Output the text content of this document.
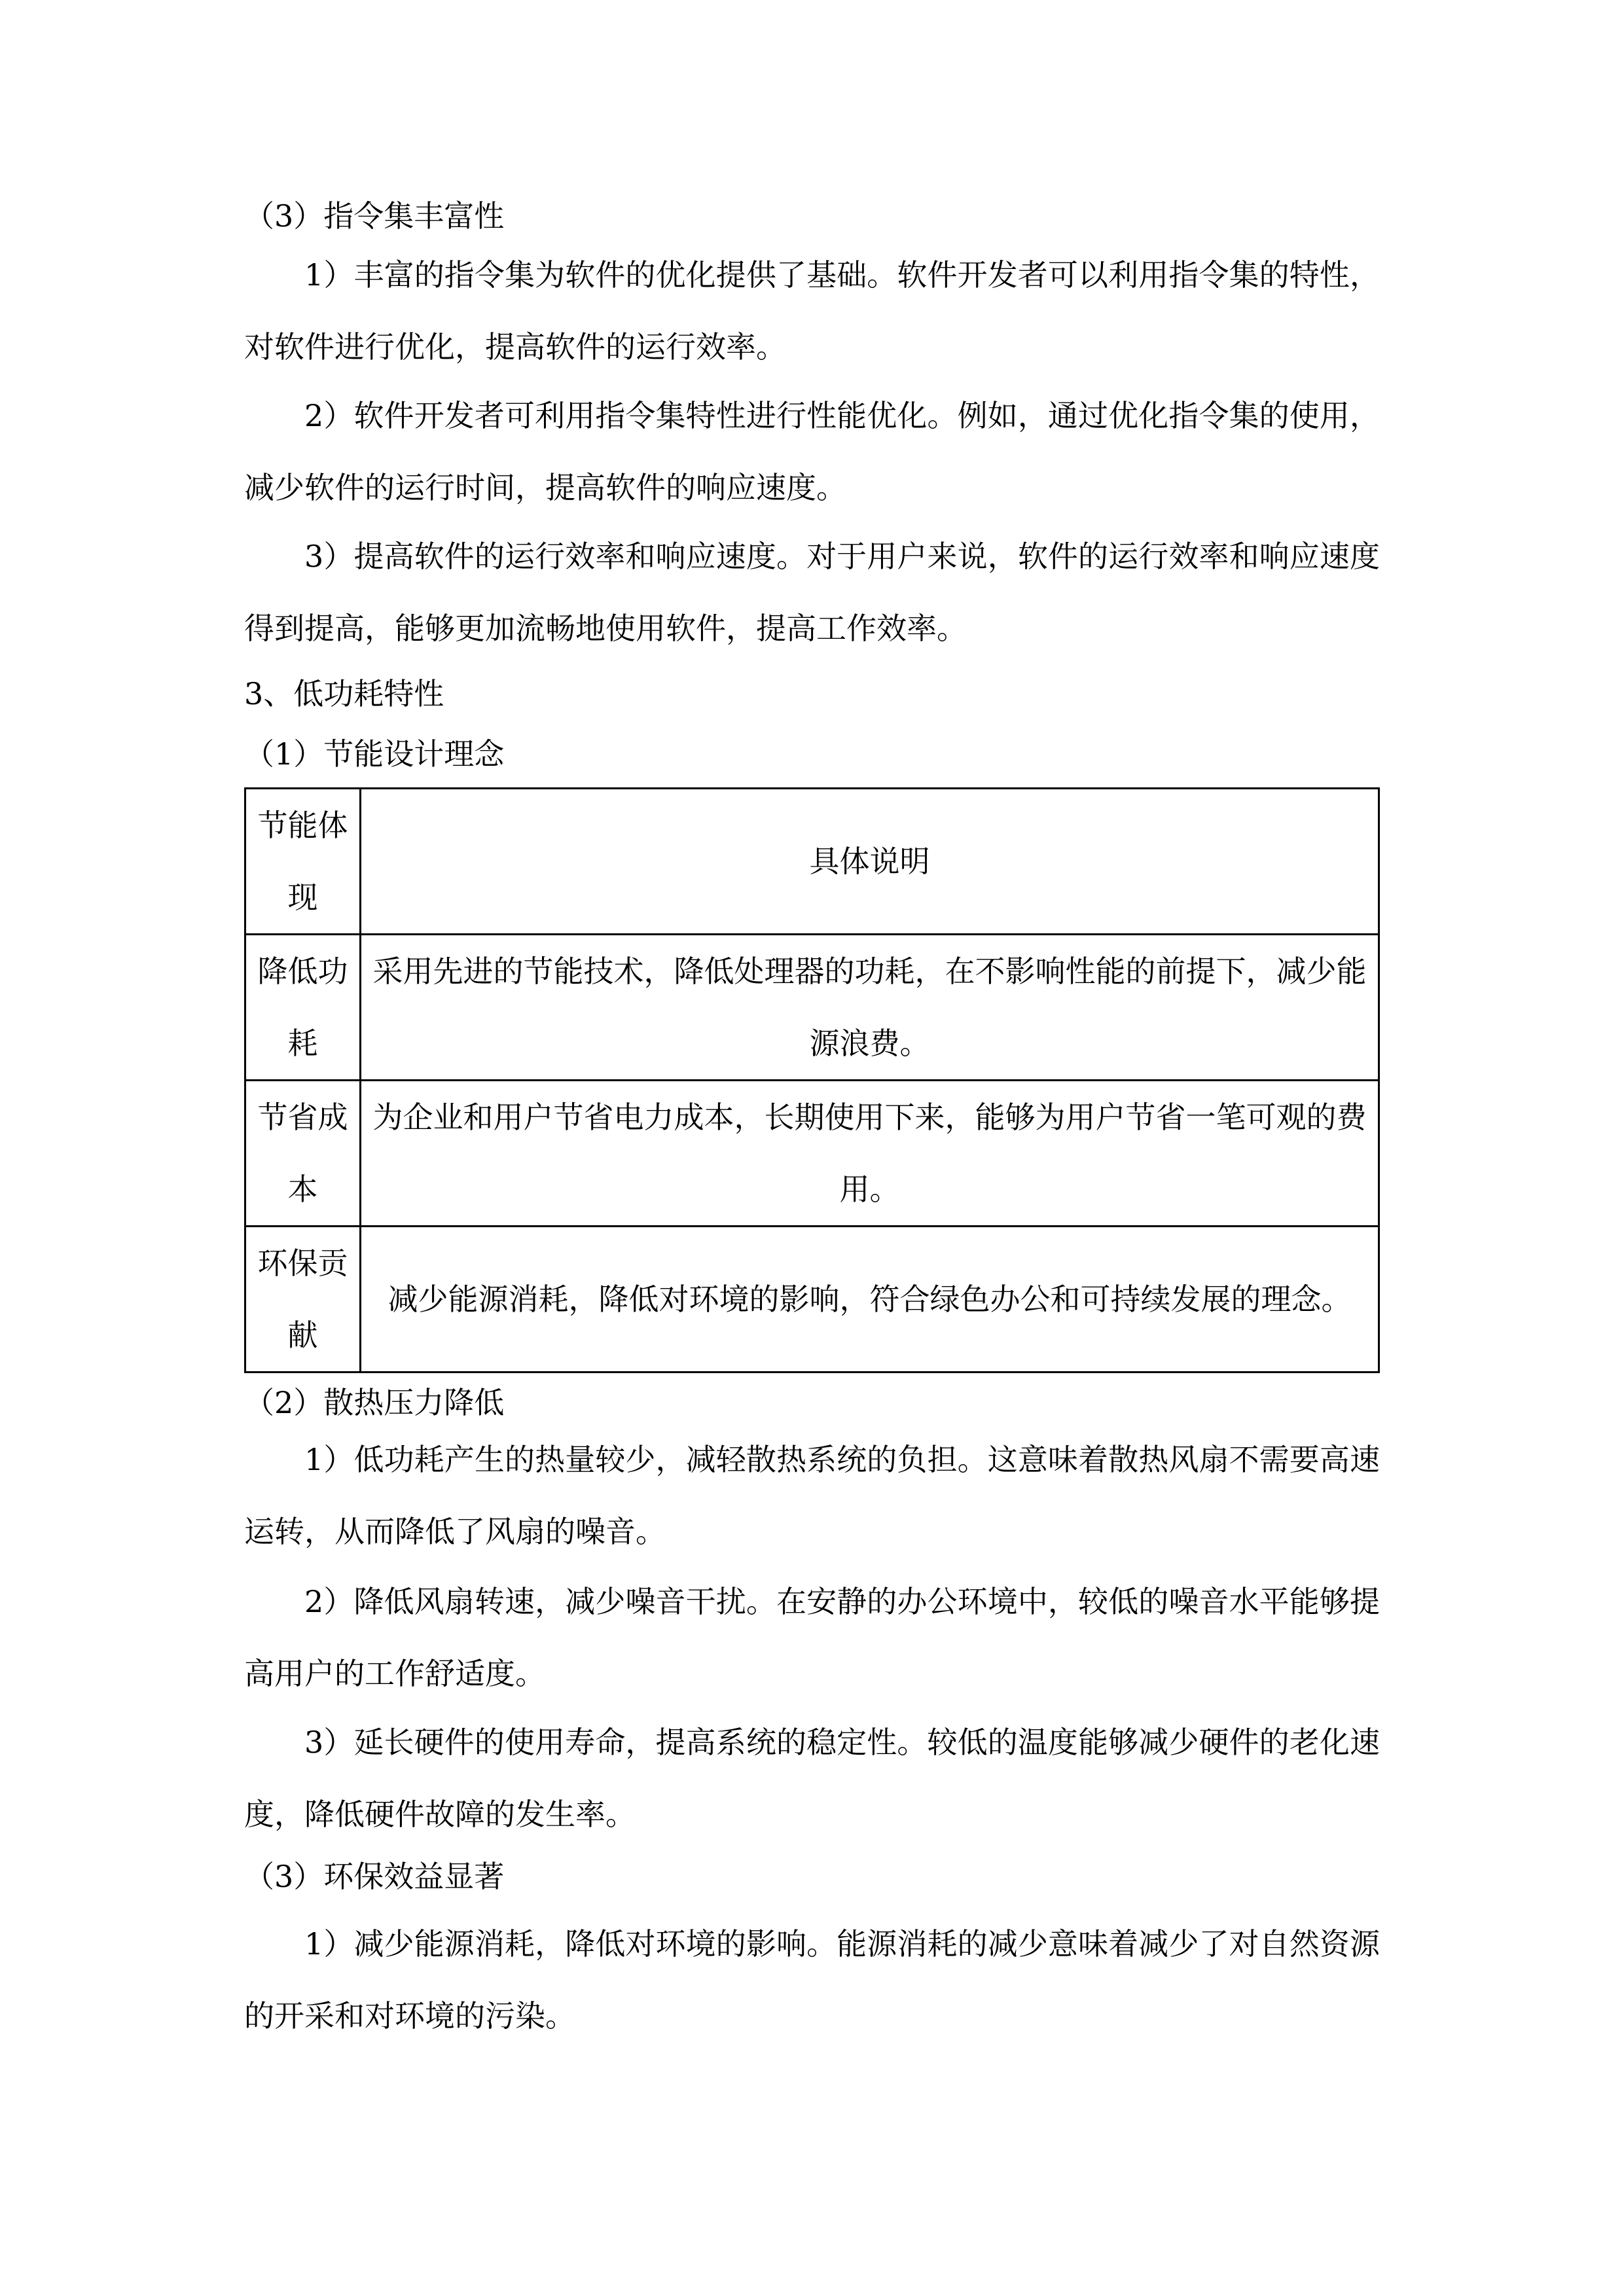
（3）指令集丰富性

1）丰富的指令集为软件的优化提供了基础。软件开发者可以利用指令集的特性，对软件进行优化，提高软件的运行效率。

2）软件开发者可利用指令集特性进行性能优化。例如，通过优化指令集的使用，减少软件的运行时间，提高软件的响应速度。

3）提高软件的运行效率和响应速度。对于用户来说，软件的运行效率和响应速度得到提高，能够更加流畅地使用软件，提高工作效率。

3、低功耗特性
（1）节能设计理念
节能体现	具体说明
降低功耗	采用先进的节能技术，降低处理器的功耗，在不影响性能的前提下，减少能源浪费。
节省成本	为企业和用户节省电力成本，长期使用下来，能够为用户节省一笔可观的费用。
环保贡献	减少能源消耗，降低对环境的影响，符合绿色办公和可持续发展的理念。
（2）散热压力降低

1）低功耗产生的热量较少，减轻散热系统的负担。这意味着散热风扇不需要高速运转，从而降低了风扇的噪音。

2）降低风扇转速，减少噪音干扰。在安静的办公环境中，较低的噪音水平能够提高用户的工作舒适度。

3）延长硬件的使用寿命，提高系统的稳定性。较低的温度能够减少硬件的老化速度，降低硬件故障的发生率。

（3）环保效益显著

1）减少能源消耗，降低对环境的影响。能源消耗的减少意味着减少了对自然资源的开采和对环境的污染。
